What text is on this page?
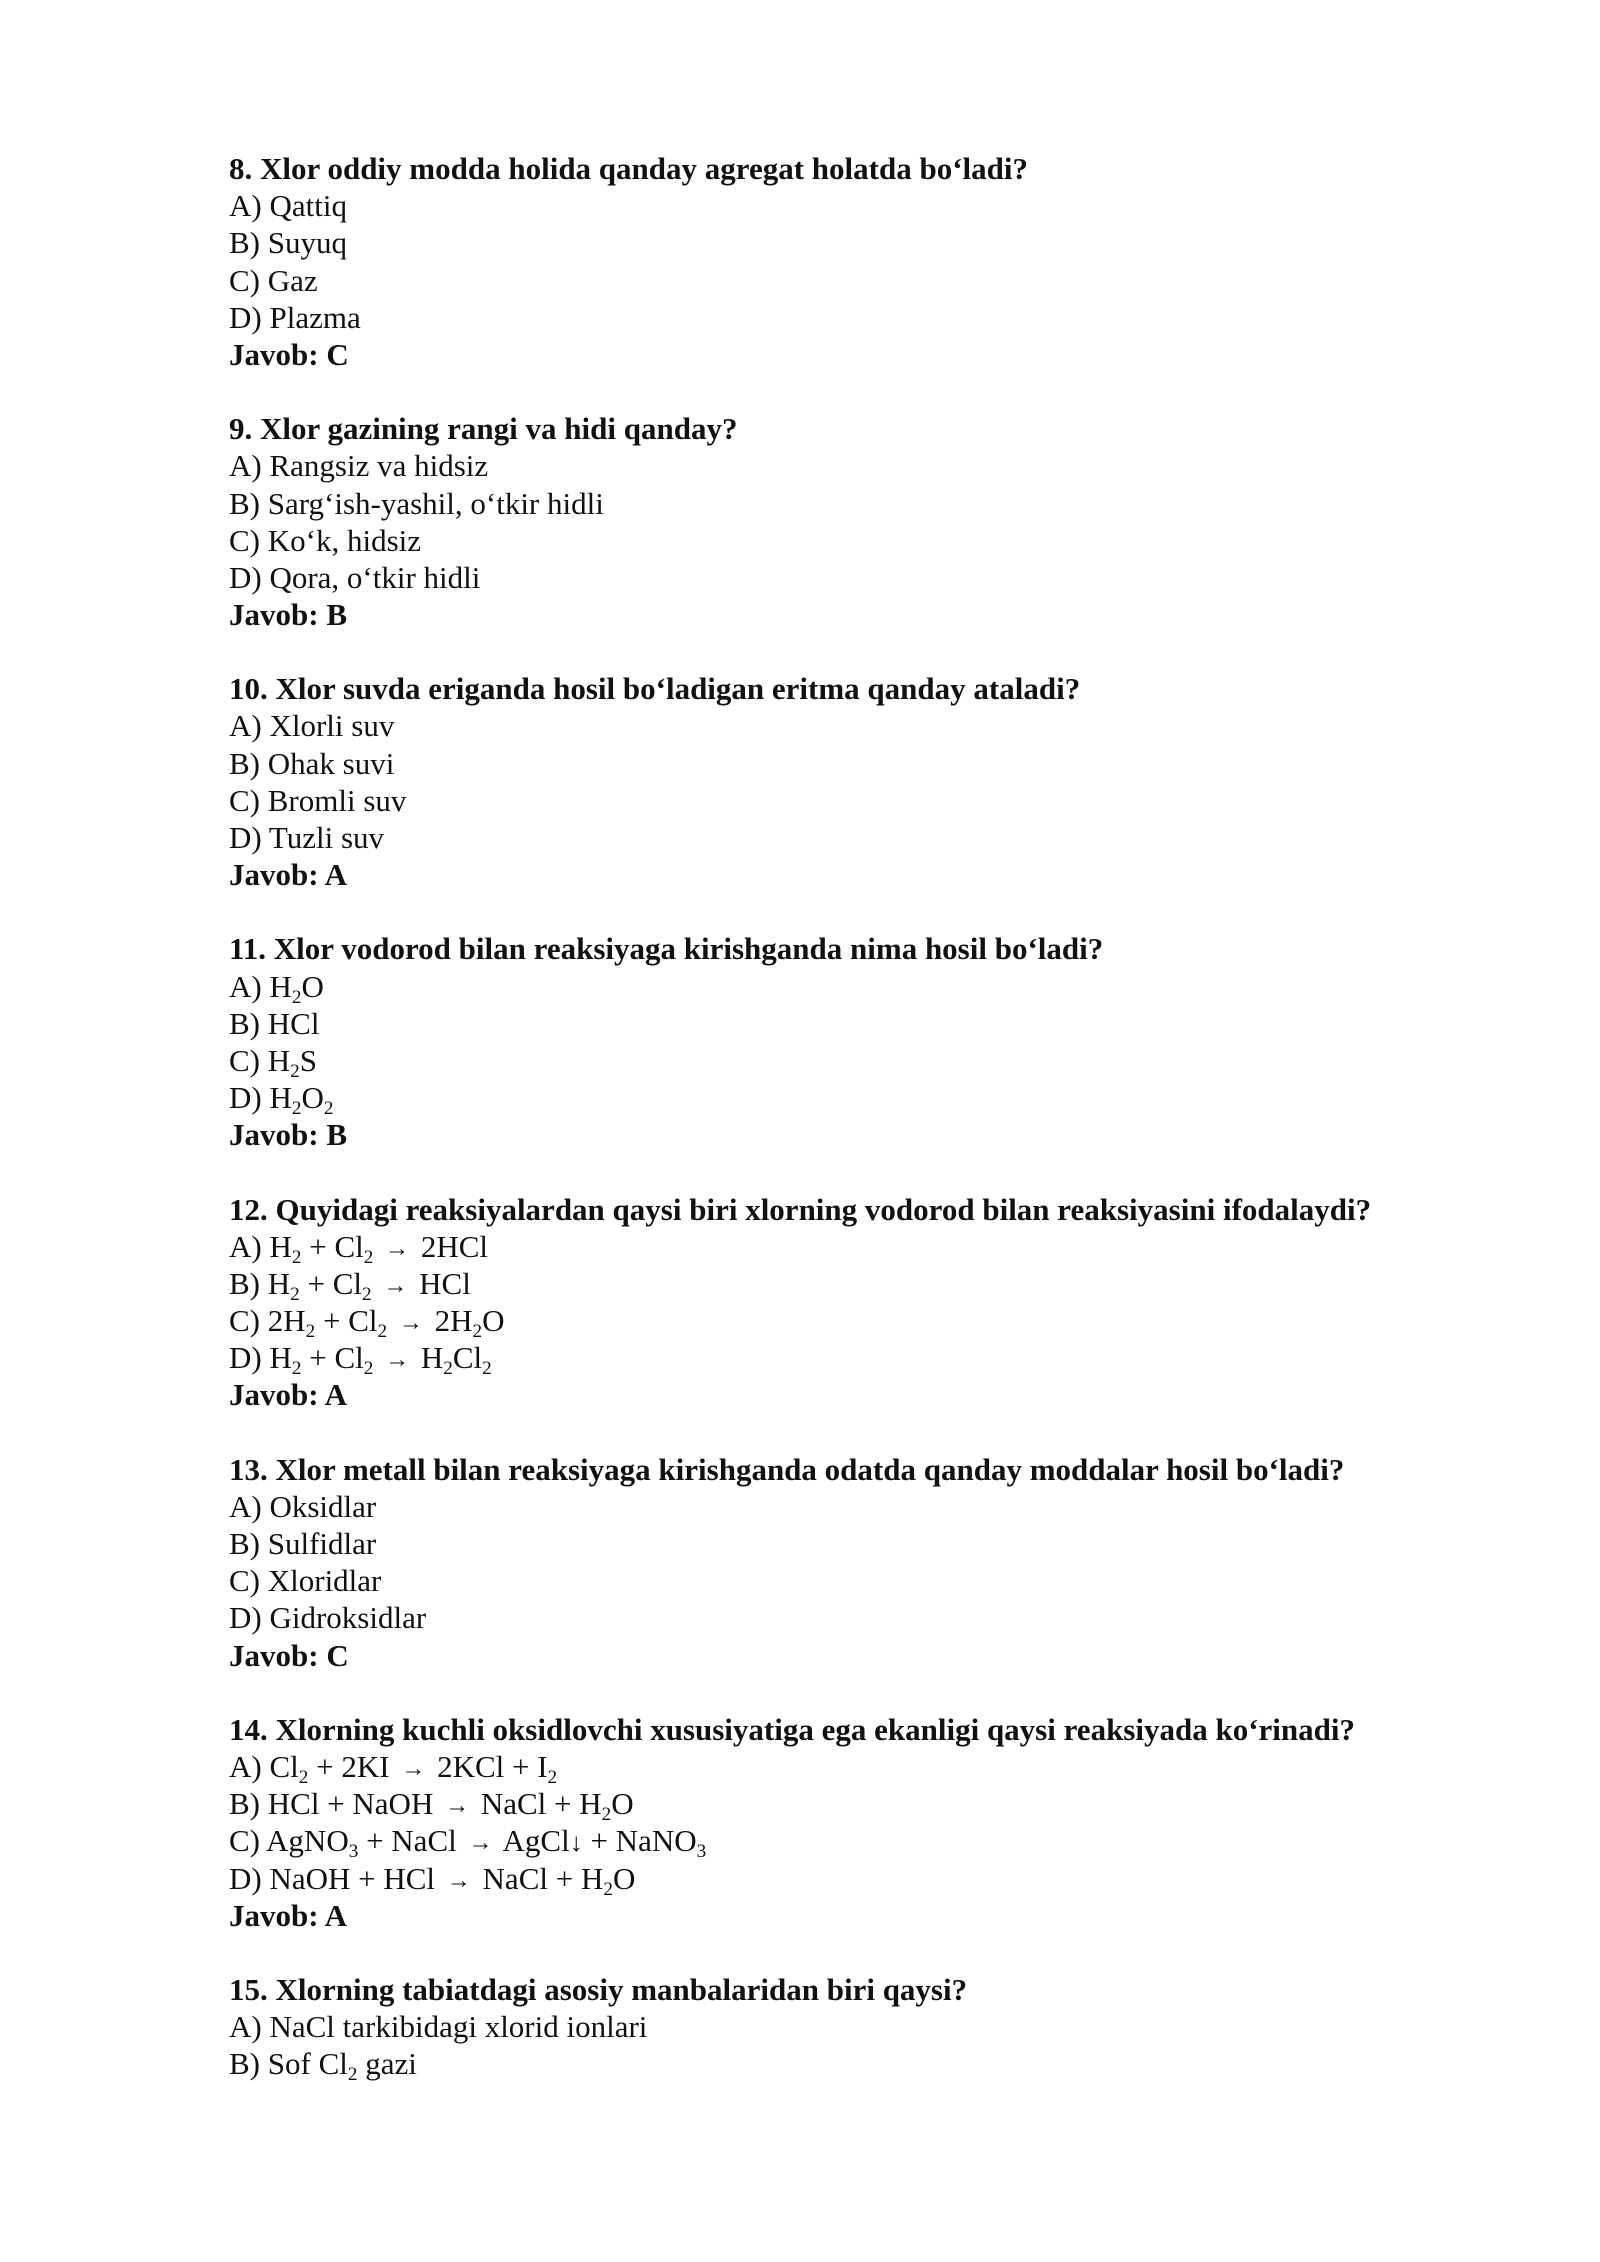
8. Xlor oddiy modda holida qanday agregat holatda bo‘ladi?
A) Qattiq
B) Suyuq
C) Gaz
D) Plazma
Javob: C
9. Xlor gazining rangi va hidi qanday?
A) Rangsiz va hidsiz
B) Sarg‘ish-yashil, o‘tkir hidli
C) Ko‘k, hidsiz
D) Qora, o‘tkir hidli
Javob: B
10. Xlor suvda eriganda hosil bo‘ladigan eritma qanday ataladi?
A) Xlorli suv
B) Ohak suvi
C) Bromli suv
D) Tuzli suv
Javob: A
11. Xlor vodorod bilan reaksiyaga kirishganda nima hosil bo‘ladi?
A) $H_2O$
B) HCl
C) $H_2S$
D) $H_2O_2$
Javob: B
12. Quyidagi reaksiyalardan qaysi biri xlorning vodorod bilan reaksiyasini ifodalaydi?
A) $H_2 + Cl_2 \to 2HCl$
B) $H_2 + Cl_2$ → HCl
C) $2H_2 + Cl_2 \to 2H_2O$
D) $H_2 + Cl_2 \to H_2Cl_2$
Javob: A
13. Xlor metall bilan reaksiyaga kirishganda odatda qanday moddalar hosil bo‘ladi?
A) Oksidlar
B) Sulfidlar
C) Xloridlar
D) Gidroksidlar
Javob: C
14. Xlorning kuchli oksidlovchi xususiyatiga ega ekanligi qaysi reaksiyada ko‘rinadi?
A) $Cl_2 + 2KI \to 2KCl + I_2$
B) HCl + NaOH → NaCl + $H_2O$
C) AgNO$_3$ + NaCl → AgCl↓ + NaNO$_3$
D) NaOH + HCl → NaCl + $H_2O$
Javob: A
15. Xlorning tabiatdagi asosiy manbalaridan biri qaysi?
A) NaCl tarkibidagi xlorid ionlari
B) Sof $Cl_2$ gazi
